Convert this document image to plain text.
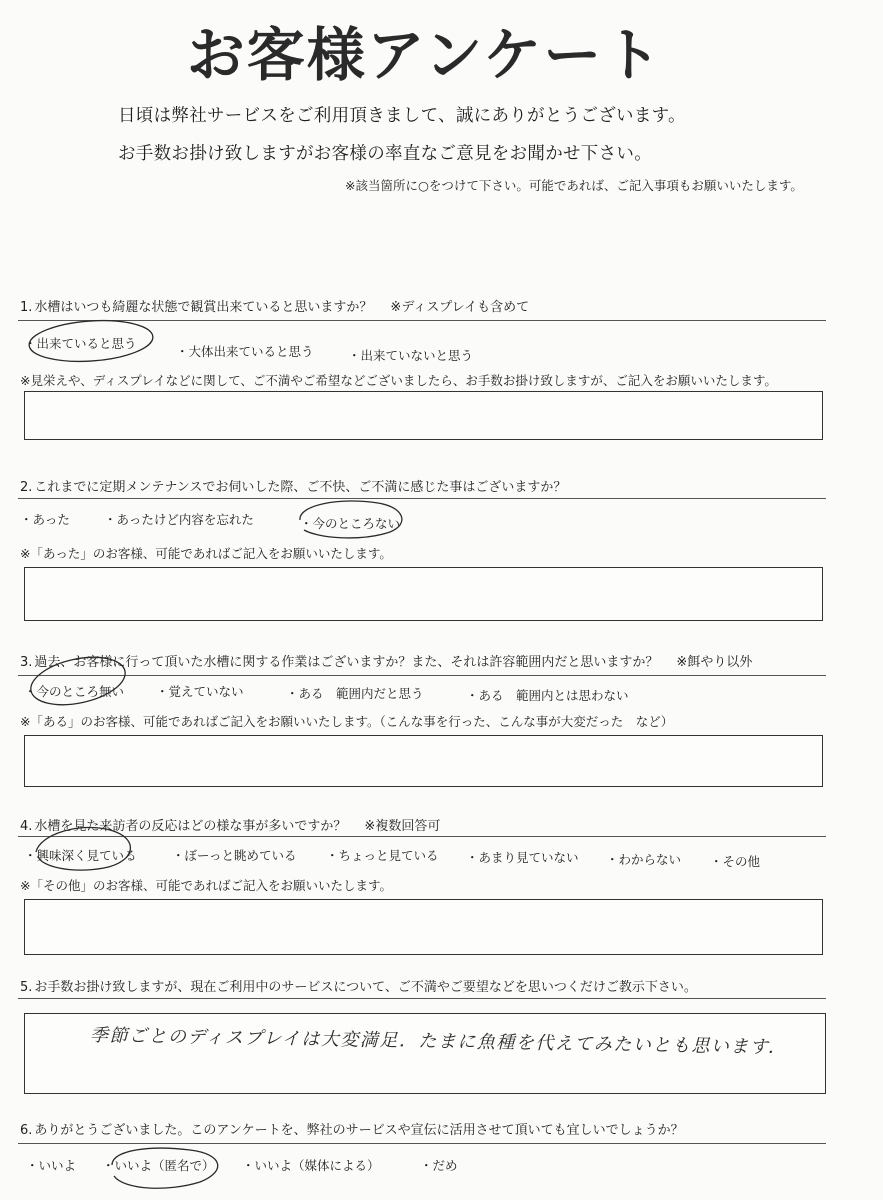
お客様アンケート
日頃は弊社サービスをご利用頂きまして、誠にありがとうございます。
お手数お掛け致しますがお客様の率直なご意見をお聞かせ下さい。
※該当箇所に○をつけて下さい。可能であれば、ご記入事項もお願いいたします。
1. 水槽はいつも綺麗な状態で観賞出来ていると思いますか？ ※ディスプレイも含めて
・出来ていると思う
・大体出来ていると思う	・出来ていないと思う
※見栄えや、ディスプレイなどに関して、ご不満やご希望などございましたら、お手数お掛け致しますが、ご記入をお願いいたします。
2. これまでに定期メンテナンスでお伺いした際、ご不快、ご不満に感じた事はございますか？
・あった	・あったけど内容を忘れた	・今のところない
※「あった」のお客様、可能であればご記入をお願いいたします。
3. 過去、お客様に行って頂いた水槽に関する作業はございますか？また、それは許容範囲内だと思いますか？ ※餌やり以外
・今のところ無い	・覚えていない	・ある　範囲内だと思う	・ある　範囲内とは思わない
※「ある」のお客様、可能であればご記入をお願いいたします。（こんな事を行った、こんな事が大変だった　など）
4. 水槽を見た来訪者の反応はどの様な事が多いですか？ ※複数回答可
・興味深く見ている	・ぼーっと眺めている ・ちょっと見ている ・あまり見ていない ・わからない ・その他
※「その他」のお客様、可能であればご記入をお願いいたします。
5. お手数お掛け致しますが、現在ご利用中のサービスについて、ご不満やご要望などを思いつくだけご教示下さい。
季節ごとのディスプレイは大変満足．たまに魚種を代えてみたいとも思います．
6. ありがとうございました。このアンケートを、弊社のサービスや宣伝に活用させて頂いても宜しいでしょうか？
・いいよ ・いいよ（匿名で） ・いいよ（媒体による）	・だめ
